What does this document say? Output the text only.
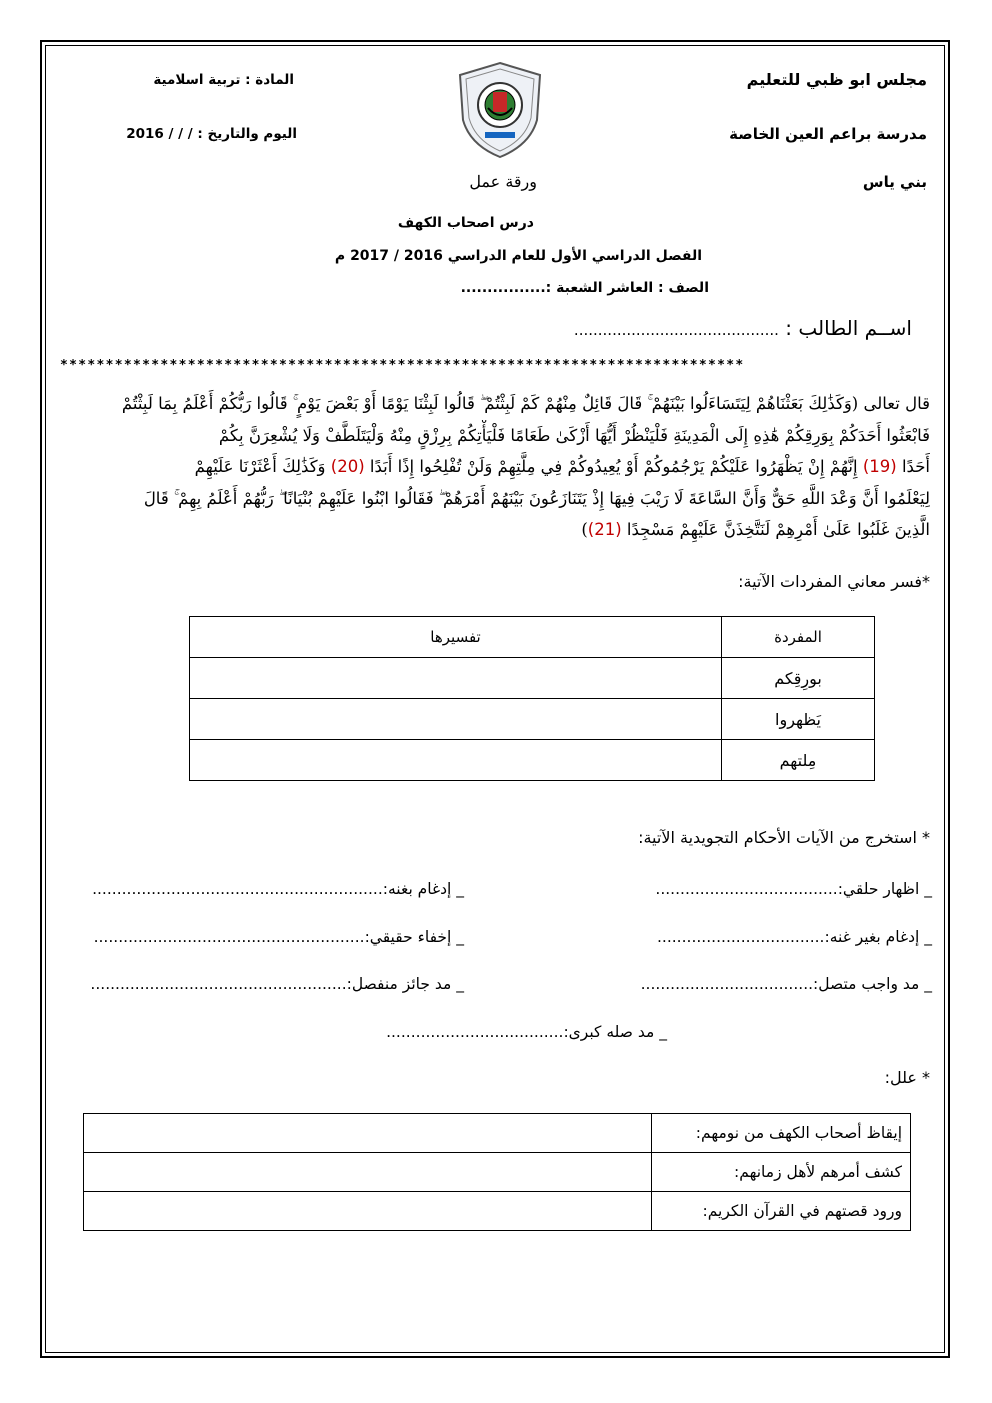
مجلس ابو ظبي للتعليم
مدرسة براعم العين الخاصة
بني ياس
المادة : تربية اسلامية
اليوم والتاريخ : / / / 2016
ورقة عمل
درس اصحاب الكهف
الفصل الدراسي الأول للعام الدراسي 2016 / 2017 م
الصف : العاشر الشعبة :................
اســم الطالب : ...........................................
***************************************************************************
قال تعالى (وَكَذَٰلِكَ بَعَثْنَاهُمْ لِيَتَسَاءَلُوا بَيْنَهُمْ ۚ قَالَ قَائِلٌ مِنْهُمْ كَمْ لَبِثْتُمْ ۖ قَالُوا لَبِثْنَا يَوْمًا أَوْ بَعْضَ يَوْمٍ ۚ قَالُوا رَبُّكُمْ أَعْلَمُ بِمَا لَبِثْتُمْ
فَابْعَثُوا أَحَدَكُمْ بِوَرِقِكُمْ هَٰذِهِ إِلَى الْمَدِينَةِ فَلْيَنْظُرْ أَيُّهَا أَزْكَىٰ طَعَامًا فَلْيَأْتِكُمْ بِرِزْقٍ مِنْهُ وَلْيَتَلَطَّفْ وَلَا يُشْعِرَنَّ بِكُمْ
أَحَدًا (19) إِنَّهُمْ إِنْ يَظْهَرُوا عَلَيْكُمْ يَرْجُمُوكُمْ أَوْ يُعِيدُوكُمْ فِي مِلَّتِهِمْ وَلَنْ تُفْلِحُوا إِذًا أَبَدًا (20) وَكَذَٰلِكَ أَعْثَرْنَا عَلَيْهِمْ
لِيَعْلَمُوا أَنَّ وَعْدَ اللَّهِ حَقٌّ وَأَنَّ السَّاعَةَ لَا رَيْبَ فِيهَا إِذْ يَتَنَازَعُونَ بَيْنَهُمْ أَمْرَهُمْ ۖ فَقَالُوا ابْنُوا عَلَيْهِمْ بُنْيَانًا ۖ رَبُّهُمْ أَعْلَمُ بِهِمْ ۚ قَالَ
الَّذِينَ غَلَبُوا عَلَىٰ أَمْرِهِمْ لَنَتَّخِذَنَّ عَلَيْهِمْ مَسْجِدًا (21))
*فسر معاني المفردات الآتية:
تفسيرها	المفردة
	بورِقِكم
	يَظهروا
	مِلتهم
* استخرج من الآيات الأحكام التجويدية الآتية:
_ اظهار حلقي:.....................................
_ إدغام بغنه:...........................................................
_ إدغام بغير غنه:..................................
_ إخفاء حقيقي:.......................................................
_ مد واجب متصل:...................................
_ مد جائز منفصل:....................................................
_ مد صله كبرى:....................................
* علل:
	إيقاظ أصحاب الكهف من نومهم:
	كشف أمرهم لأهل زمانهم:
	ورود قصتهم في القرآن الكريم:
